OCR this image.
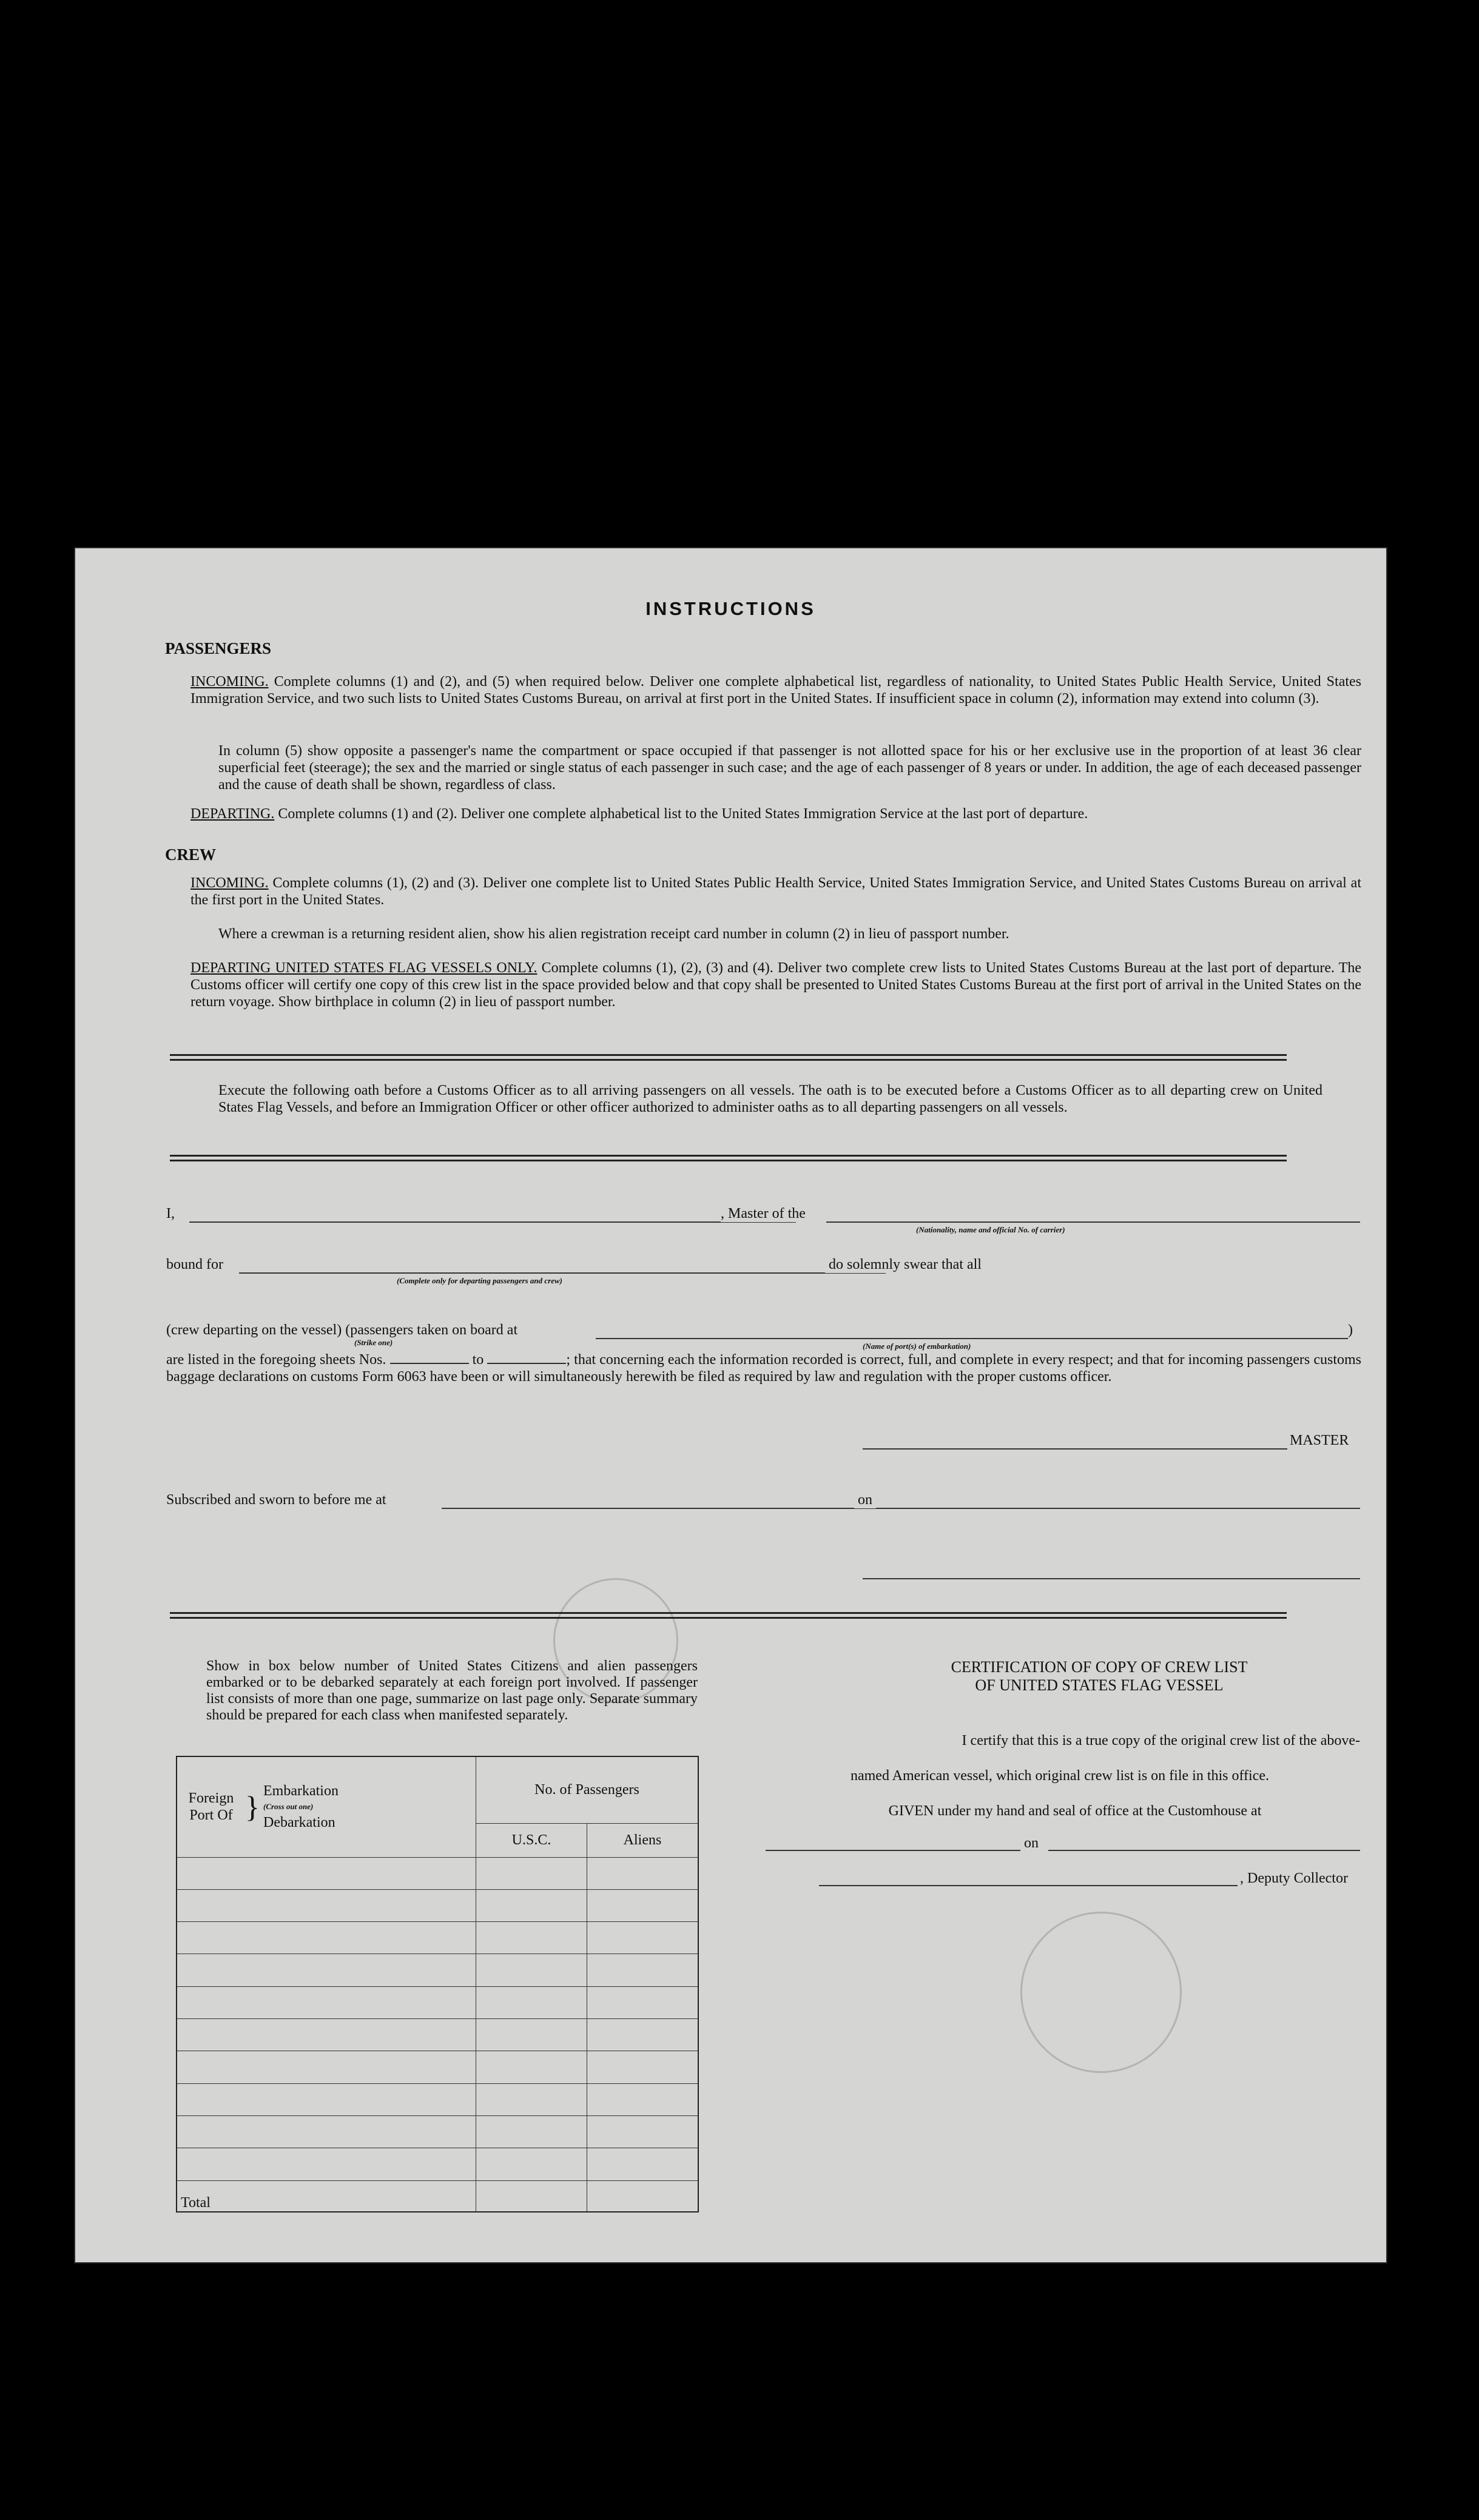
INSTRUCTIONS
PASSENGERS
INCOMING. Complete columns (1) and (2), and (5) when required below. Deliver one complete alphabetical list, regardless of nationality, to United States Public Health Service, United States Immigration Service, and two such lists to United States Customs Bureau, on arrival at first port in the United States. If insufficient space in column (2), information may extend into column (3).
In column (5) show opposite a passenger's name the compartment or space occupied if that passenger is not allotted space for his or her exclusive use in the proportion of at least 36 clear superficial feet (steerage); the sex and the married or single status of each passenger in such case; and the age of each passenger of 8 years or under. In addition, the age of each deceased passenger and the cause of death shall be shown, regardless of class.
DEPARTING. Complete columns (1) and (2). Deliver one complete alphabetical list to the United States Immigration Service at the last port of departure.
CREW
INCOMING. Complete columns (1), (2) and (3). Deliver one complete list to United States Public Health Service, United States Immigration Service, and United States Customs Bureau on arrival at the first port in the United States.
Where a crewman is a returning resident alien, show his alien registration receipt card number in column (2) in lieu of passport number.
DEPARTING UNITED STATES FLAG VESSELS ONLY. Complete columns (1), (2), (3) and (4). Deliver two complete crew lists to United States Customs Bureau at the last port of departure. The Customs officer will certify one copy of this crew list in the space provided below and that copy shall be presented to United States Customs Bureau at the first port of arrival in the United States on the return voyage. Show birthplace in column (2) in lieu of passport number.
Execute the following oath before a Customs Officer as to all arriving passengers on all vessels. The oath is to be executed before a Customs Officer as to all departing crew on United States Flag Vessels, and before an Immigration Officer or other officer authorized to administer oaths as to all departing passengers on all vessels.
I,	, Master of the
(Nationality, name and official No. of carrier)
bound for
(Complete only for departing passengers and crew)
do solemnly swear that all
(crew departing on the vessel) (passengers taken on board at	)
(Strike one)	(Name of port(s) of embarkation)
are listed in the foregoing sheets Nos.	to	; that concerning each the information recorded is correct, full, and complete in every respect; and that for incoming passengers customs baggage declarations on customs Form 6063 have been or will simultaneously herewith be filed as required by law and regulation with the proper customs officer.
MASTER
Subscribed and sworn to before me at	on
Show in box below number of United States Citizens and alien passengers embarked or to be debarked separately at each foreign port involved. If passenger list consists of more than one page, summarize on last page only. Separate summary should be prepared for each class when manifested separately.
Foreign Port Of } Embarkation
(Cross out one)
Debarkation	No. of Passengers	
	U.S.C.	Aliens

Total		
CERTIFICATION OF COPY OF CREW LIST
OF UNITED STATES FLAG VESSEL
I certify that this is a true copy of the original crew list of the above-
named American vessel, which original crew list is on file in this office.
GIVEN under my hand and seal of office at the Customhouse at
on
, Deputy Collector
